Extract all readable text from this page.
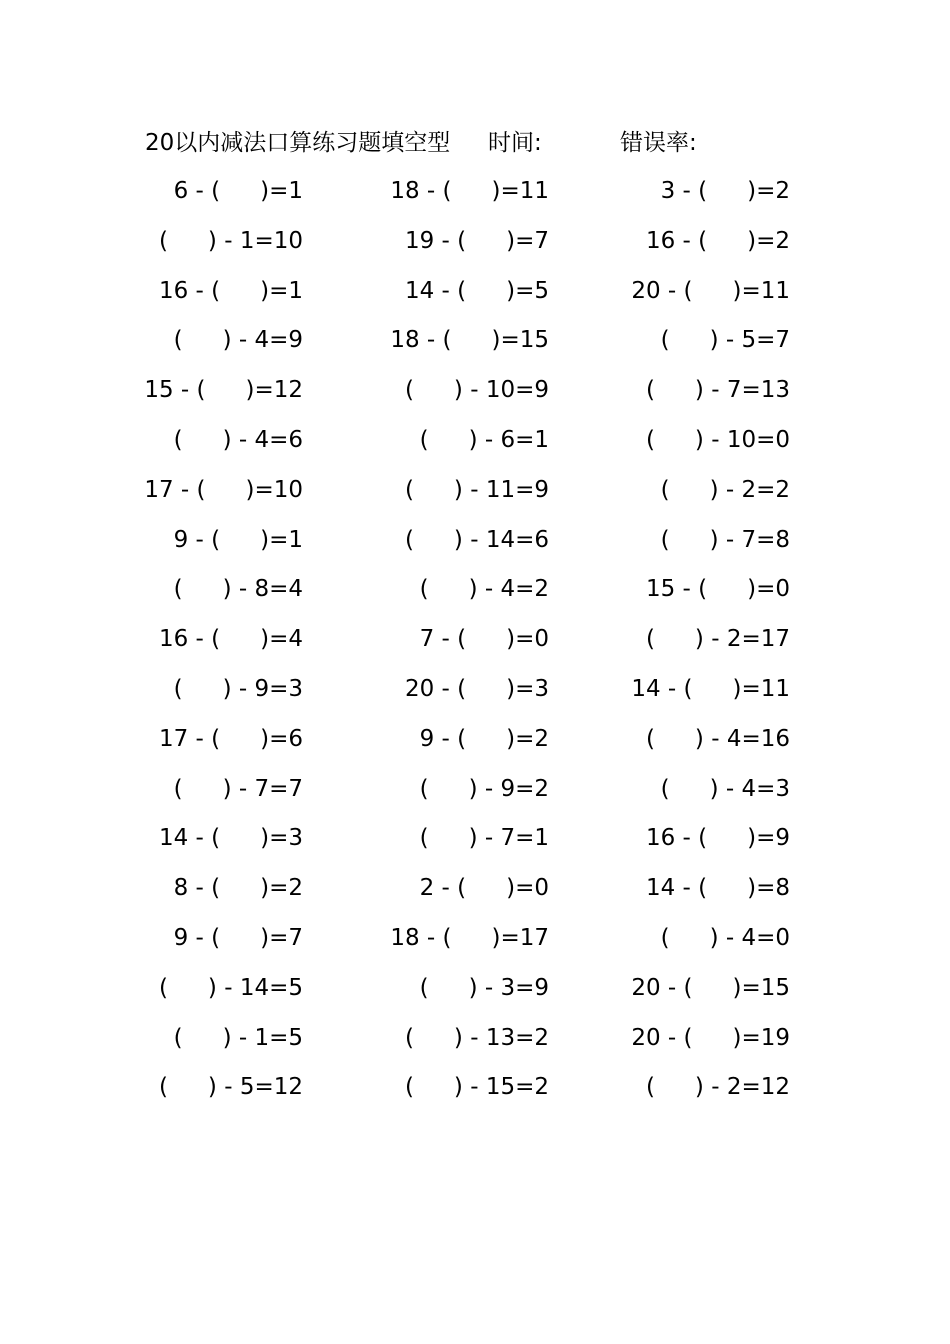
20以内减法口算练习题填空型 时间:	错误率:
6 - ( )=1	18 - ( )=11	3 - ( )=2
( ) - 1=10	19 - ( )=7	16 - ( )=2
16 - ( )=1	14 - ( )=5	20 - ( )=11
( ) - 4=9	18 - ( )=15	( ) - 5=7
15 - ( )=12	( ) - 10=9	( ) - 7=13
( ) - 4=6	( ) - 6=1	( ) - 10=0
17 - ( )=10	( ) - 11=9	( ) - 2=2
9 - ( )=1	( ) - 14=6	( ) - 7=8
( ) - 8=4	( ) - 4=2	15 - ( )=0
16 - ( )=4	7 - ( )=0	( ) - 2=17
( ) - 9=3	20 - ( )=3	14 - ( )=11
17 - ( )=6	9 - ( )=2	( ) - 4=16
( ) - 7=7	( ) - 9=2	( ) - 4=3
14 - ( )=3	( ) - 7=1	16 - ( )=9
8 - ( )=2	2 - ( )=0	14 - ( )=8
9 - ( )=7	18 - ( )=17	( ) - 4=0
( ) - 14=5	( ) - 3=9	20 - ( )=15
( ) - 1=5	( ) - 13=2	20 - ( )=19
( ) - 5=12	( ) - 15=2	( ) - 2=12
